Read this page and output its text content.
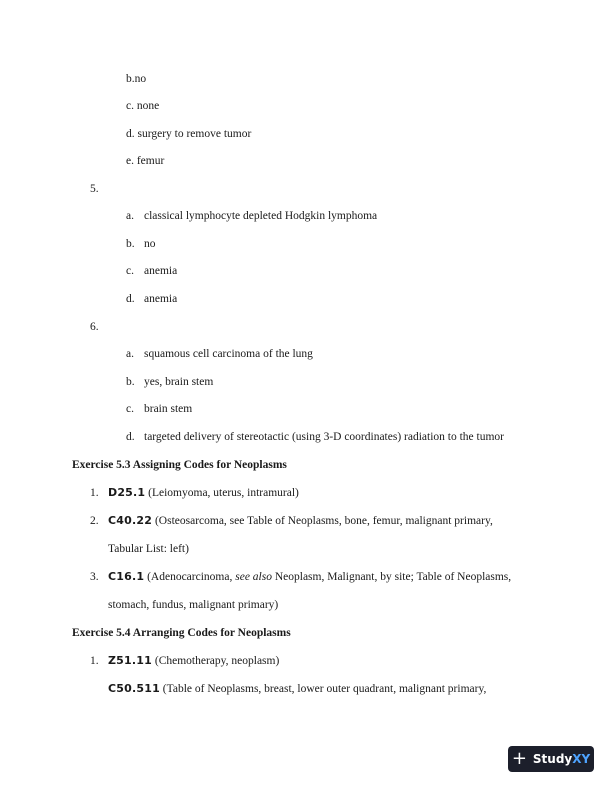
b.no
c. none
d. surgery to remove tumor
e. femur
5.
a. classical lymphocyte depleted Hodgkin lymphoma
b. no
c. anemia
d. anemia
6.
a. squamous cell carcinoma of the lung
b. yes, brain stem
c. brain stem
d. targeted delivery of stereotactic (using 3-D coordinates) radiation to the tumor
Exercise 5.3 Assigning Codes for Neoplasms
1. D25.1 (Leiomyoma, uterus, intramural)
2. C40.22 (Osteosarcoma, see Table of Neoplasms, bone, femur, malignant primary,
Tabular List: left)
3. C16.1 (Adenocarcinoma, see also Neoplasm, Malignant, by site; Table of Neoplasms,
stomach, fundus, malignant primary)
Exercise 5.4 Arranging Codes for Neoplasms
1. Z51.11 (Chemotherapy, neoplasm)
C50.511 (Table of Neoplasms, breast, lower outer quadrant, malignant primary,
+ StudyXY
